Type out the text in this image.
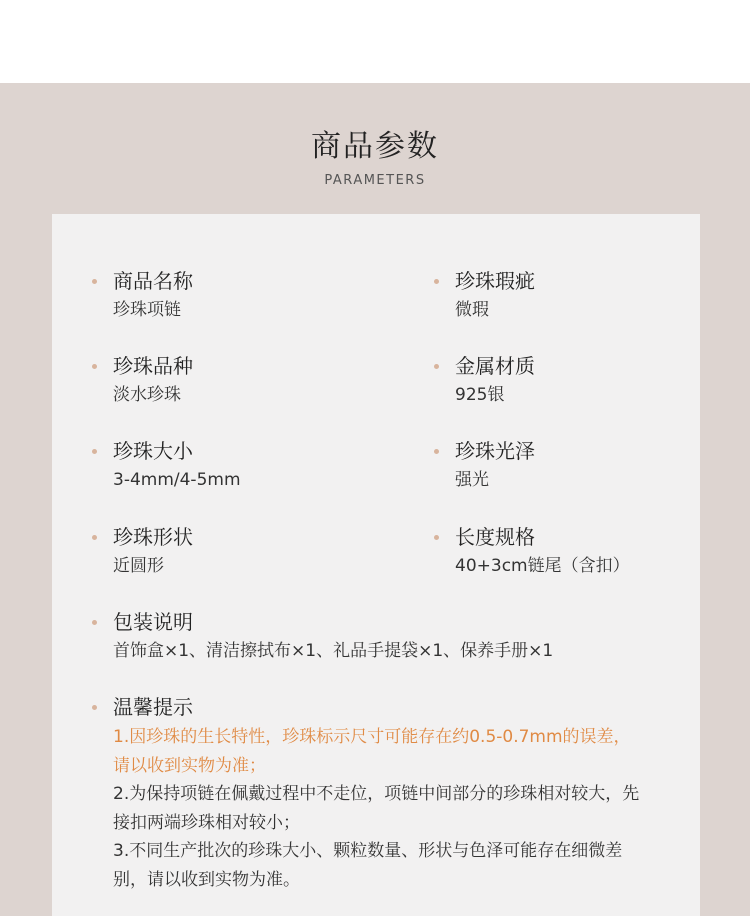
商品参数
PARAMETERS
商品名称
珍珠项链
珍珠瑕疵
微瑕
珍珠品种
淡水珍珠
金属材质
925银
珍珠大小
3-4mm/4-5mm
珍珠光泽
强光
珍珠形状
近圆形
长度规格
40+3cm链尾（含扣）
包装说明
首饰盒×1、清洁擦拭布×1、礼品手提袋×1、保养手册×1
温馨提示
1.因珍珠的生长特性，珍珠标示尺寸可能存在约0.5-0.7mm的误差，请以收到实物为准；
2.为保持项链在佩戴过程中不走位，项链中间部分的珍珠相对较大，先接扣两端珍珠相对较小；
3.不同生产批次的珍珠大小、颗粒数量、形状与色泽可能存在细微差别，请以收到实物为准。
